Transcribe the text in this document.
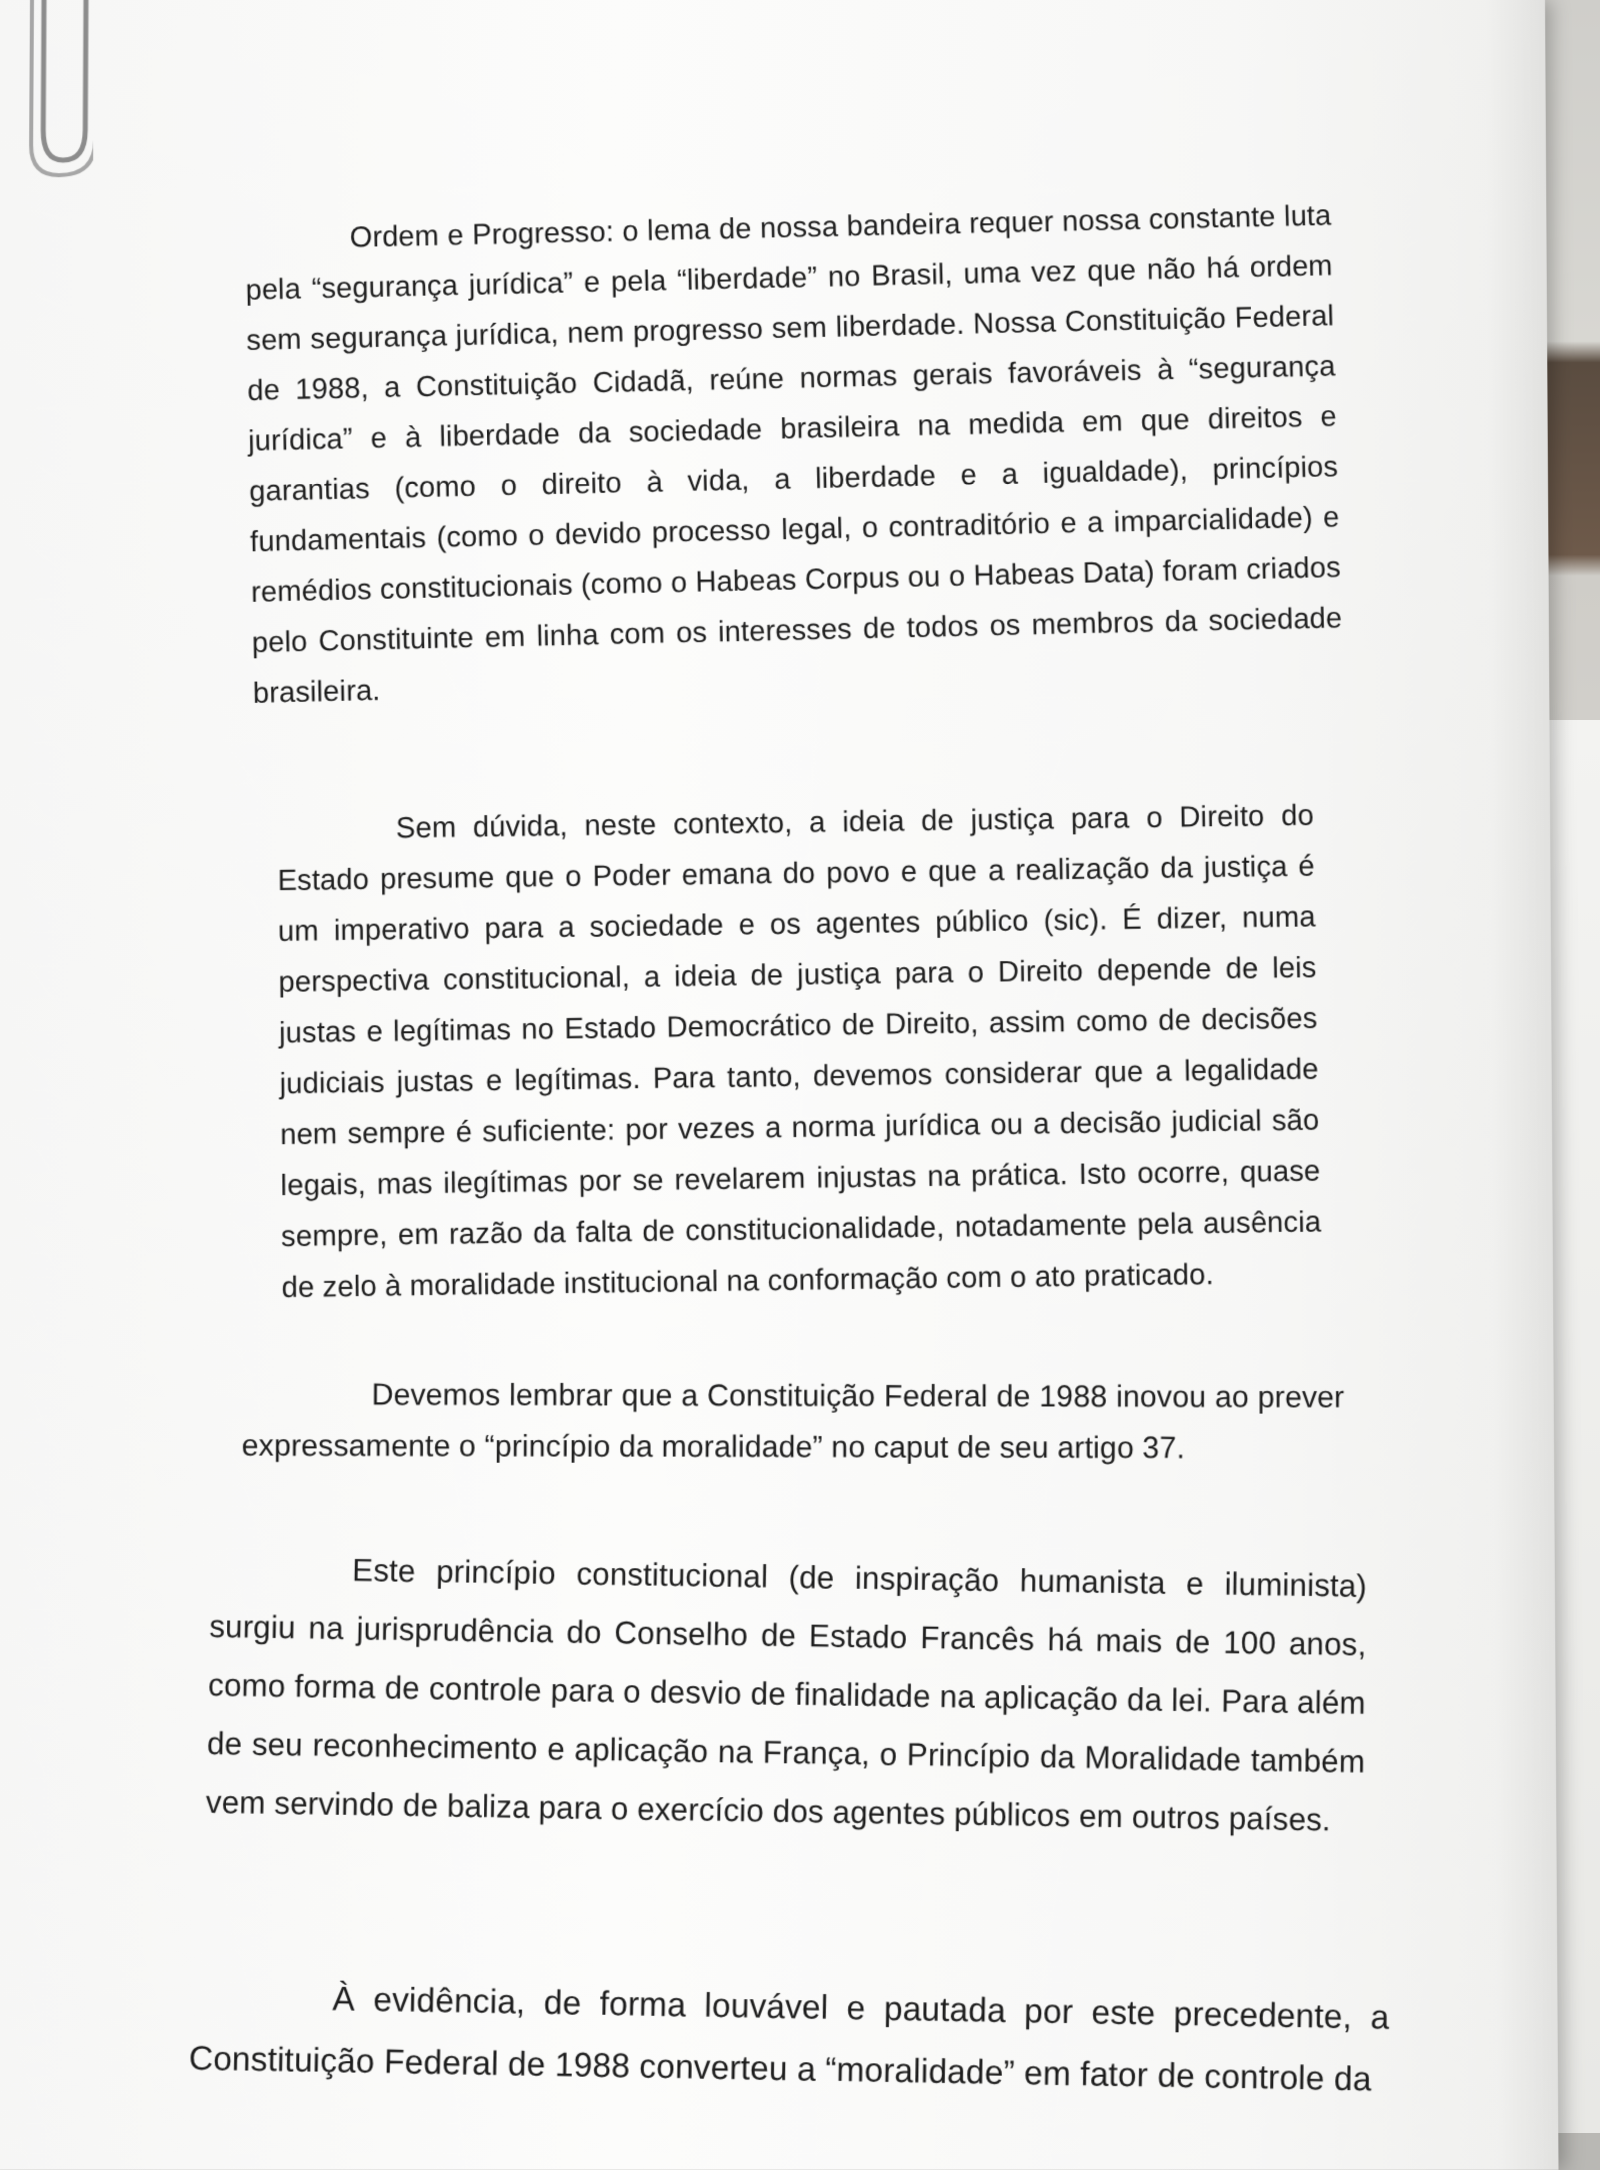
Ordem e Progresso: o lema de nossa bandeira requer nossa constante luta pela “segurança jurídica” e pela “liberdade” no Brasil, uma vez que não há ordem sem segurança jurídica, nem progresso sem liberdade. Nossa Constituição Federal de 1988, a Constituição Cidadã, reúne normas gerais favoráveis à “segurança jurídica” e à liberdade da sociedade brasileira na medida em que direitos e garantias (como o direito à vida, a liberdade e a igualdade), princípios fundamentais (como o devido processo legal, o contraditório e a imparcialidade) e remédios constitucionais (como o Habeas Corpus ou o Habeas Data) foram criados pelo Constituinte em linha com os interesses de todos os membros da sociedade brasileira.

Sem dúvida, neste contexto, a ideia de justiça para o Direito do Estado presume que o Poder emana do povo e que a realização da justiça é um imperativo para a sociedade e os agentes público (sic). É dizer, numa perspectiva constitucional, a ideia de justiça para o Direito depende de leis justas e legítimas no Estado Democrático de Direito, assim como de decisões judiciais justas e legítimas. Para tanto, devemos considerar que a legalidade nem sempre é suficiente: por vezes a norma jurídica ou a decisão judicial são legais, mas ilegítimas por se revelarem injustas na prática. Isto ocorre, quase sempre, em razão da falta de constitucionalidade, notadamente pela ausência de zelo à moralidade institucional na conformação com o ato praticado.

Devemos lembrar que a Constituição Federal de 1988 inovou ao prever expressamente o “princípio da moralidade” no caput de seu artigo 37.

Este princípio constitucional (de inspiração humanista e iluminista) surgiu na jurisprudência do Conselho de Estado Francês há mais de 100 anos, como forma de controle para o desvio de finalidade na aplicação da lei. Para além de seu reconhecimento e aplicação na França, o Princípio da Moralidade também vem servindo de baliza para o exercício dos agentes públicos em outros países.

À evidência, de forma louvável e pautada por este precedente, a Constituição Federal de 1988 converteu a “moralidade” em fator de controle da
